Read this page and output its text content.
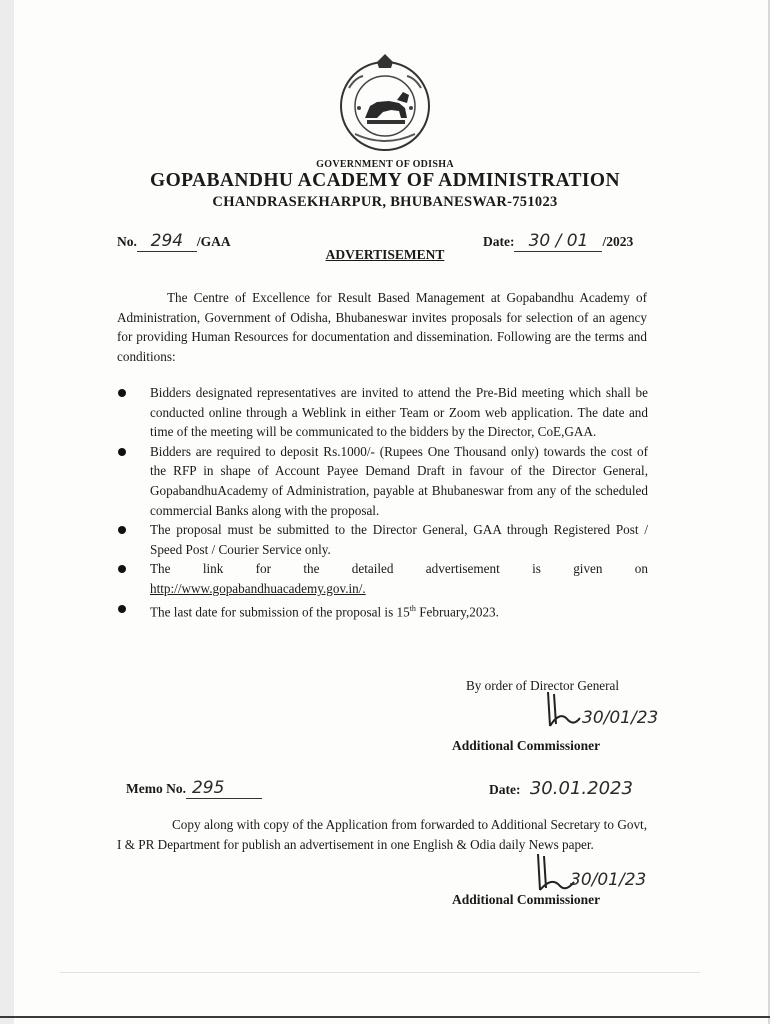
GOVERNMENT OF ODISHA
GOPABANDHU ACADEMY OF ADMINISTRATION
CHANDRASEKHARPUR, BHUBANESWAR-751023
No. 294 /GAA	Date: 30 / 01 /2023
ADVERTISEMENT

The Centre of Excellence for Result Based Management at Gopabandhu Academy of Administration, Government of Odisha, Bhubaneswar invites proposals for selection of an agency for providing Human Resources for documentation and dissemination. Following are the terms and conditions:

Bidders designated representatives are invited to attend the Pre-Bid meeting which shall be conducted online through a Weblink in either Team or Zoom web application. The date and time of the meeting will be communicated to the bidders by the Director, CoE,GAA.
Bidders are required to deposit Rs.1000/- (Rupees One Thousand only) towards the cost of the RFP in shape of Account Payee Demand Draft in favour of the Director General, GopabandhuAcademy of Administration, payable at Bhubaneswar from any of the scheduled commercial Banks along with the proposal.
The proposal must be submitted to the Director General, GAA through Registered Post / Speed Post / Courier Service only.
The link for the detailed advertisement is given on
http://www.gopabandhuacademy.gov.in/.
The last date for submission of the proposal is 15th February,2023.
By order of Director General
30/01/23
Additional Commissioner
Memo No. 295	Date: 30.01.2023

Copy along with copy of the Application from forwarded to Additional Secretary to Govt, I & PR Department for publish an advertisement in one English & Odia daily News paper.

30/01/23
Additional Commissioner
